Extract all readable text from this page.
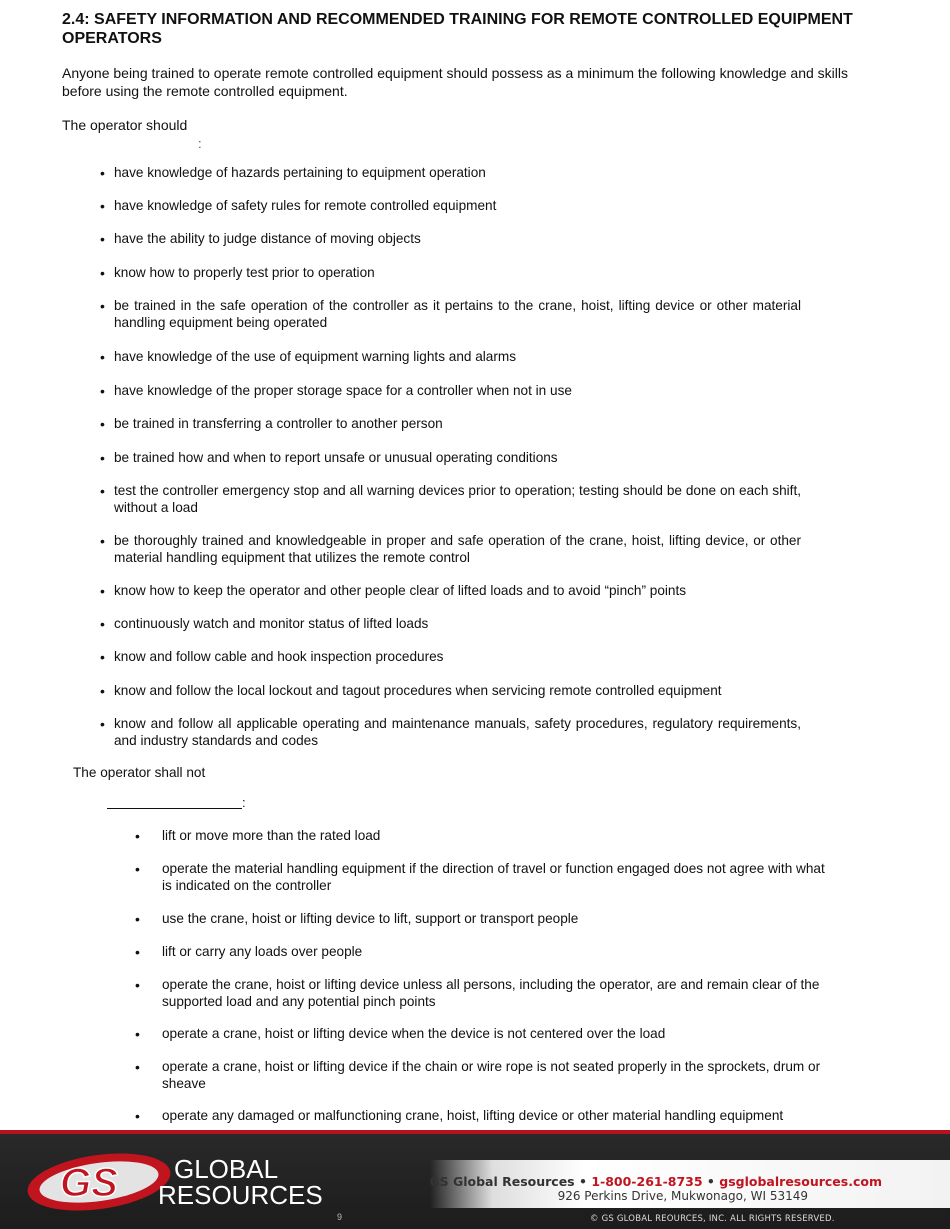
2.4: SAFETY INFORMATION AND RECOMMENDED TRAINING FOR REMOTE CONTROLLED EQUIPMENT OPERATORS

Anyone being trained to operate remote controlled equipment should possess as a minimum the following knowledge and skills before using the remote controlled equipment.

The operator should

:
• have knowledge of hazards pertaining to equipment operation
• have knowledge of safety rules for remote controlled equipment
• have the ability to judge distance of moving objects
• know how to properly test prior to operation
• be trained in the safe operation of the controller as it pertains to the crane, hoist, lifting device or other material handling equipment being operated
• have knowledge of the use of equipment warning lights and alarms
• have knowledge of the proper storage space for a controller when not in use
• be trained in transferring a controller to another person
• be trained how and when to report unsafe or unusual operating conditions
• test the controller emergency stop and all warning devices prior to operation; testing should be done on each shift, without a load
• be thoroughly trained and knowledgeable in proper and safe operation of the crane, hoist, lifting device, or other material handling equipment that utilizes the remote control
• know how to keep the operator and other people clear of lifted loads and to avoid “pinch” points
• continuously watch and monitor status of lifted loads
• know and follow cable and hook inspection procedures
• know and follow the local lockout and tagout procedures when servicing remote controlled equipment
• know and follow all applicable operating and maintenance manuals, safety procedures, regulatory requirements, and industry standards and codes
The operator shall not
:
• lift or move more than the rated load
• operate the material handling equipment if the direction of travel or function engaged does not agree with what is indicated on the controller
• use the crane, hoist or lifting device to lift, support or transport people
• lift or carry any loads over people
• operate the crane, hoist or lifting device unless all persons, including the operator, are and remain clear of the supported load and any potential pinch points
• operate a crane, hoist or lifting device when the device is not centered over the load
• operate a crane, hoist or lifting device if the chain or wire rope is not seated properly in the sprockets, drum or sheave
• operate any damaged or malfunctioning crane, hoist, lifting device or other material handling equipment
GS GLOBAL
RESOURCES	GS Global Resources • 1-800-261-8735 • gsglobalresources.com
926 Perkins Drive, Mukwonago, WI 53149
9	© GS GLOBAL REOURCES, INC. ALL RIGHTS RESERVED.
